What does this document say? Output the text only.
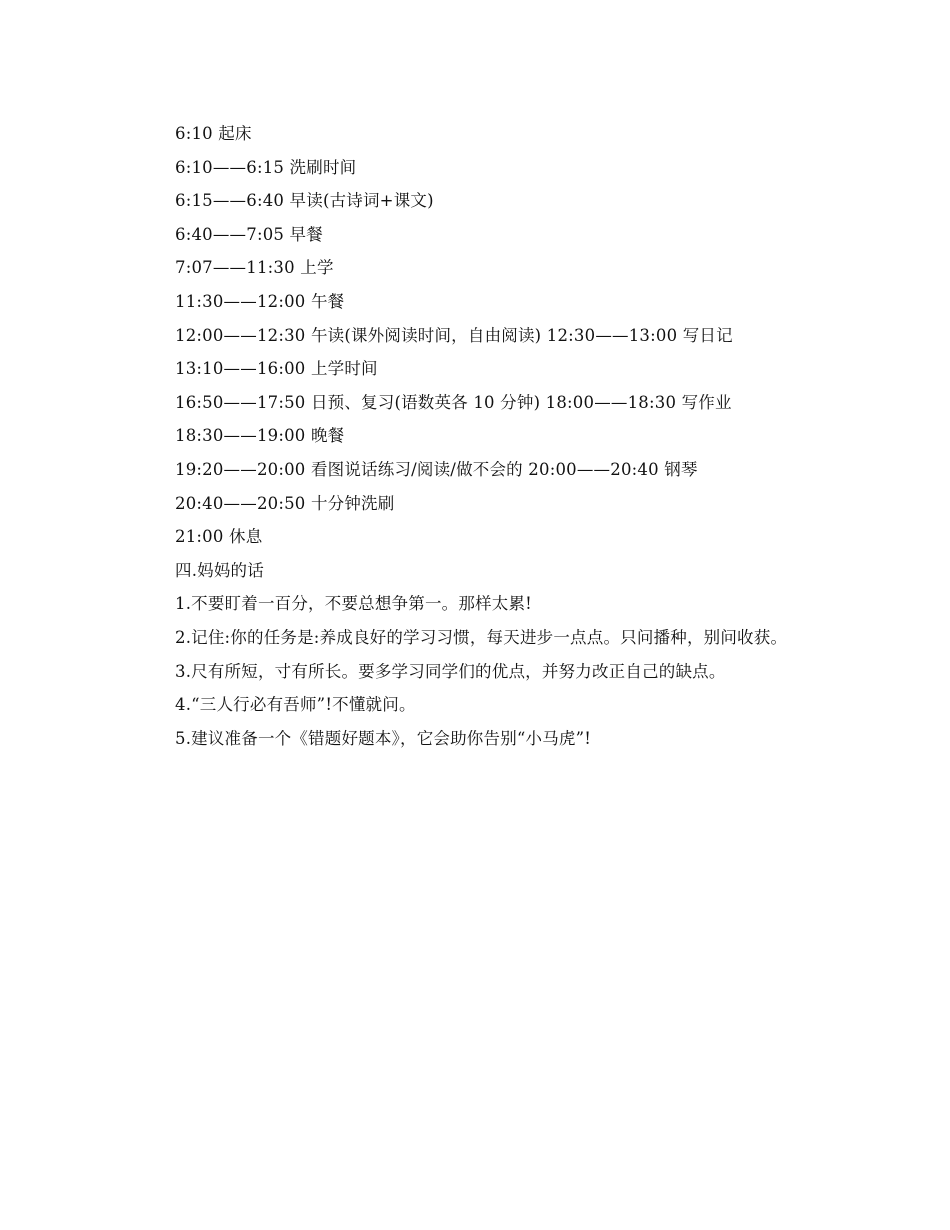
6:10 起床
6:10——6:15 洗刷时间
6:15——6:40 早读(古诗词+课文)
6:40——7:05 早餐
7:07——11:30 上学
11:30——12:00 午餐
12:00——12:30 午读(课外阅读时间，自由阅读) 12:30——13:00 写日记
13:10——16:00 上学时间
16:50——17:50 日预、复习(语数英各 10 分钟) 18:00——18:30 写作业
18:30——19:00 晚餐
19:20——20:00 看图说话练习/阅读/做不会的 20:00——20:40 钢琴
20:40——20:50 十分钟洗刷
21:00 休息
四.妈妈的话
1.不要盯着一百分，不要总想争第一。那样太累!
2.记住:你的任务是:养成良好的学习习惯，每天进步一点点。只问播种，别问收获。
3.尺有所短，寸有所长。要多学习同学们的优点，并努力改正自己的缺点。
4.“三人行必有吾师”!不懂就问。
5.建议准备一个《错题好题本》，它会助你告别“小马虎”!
